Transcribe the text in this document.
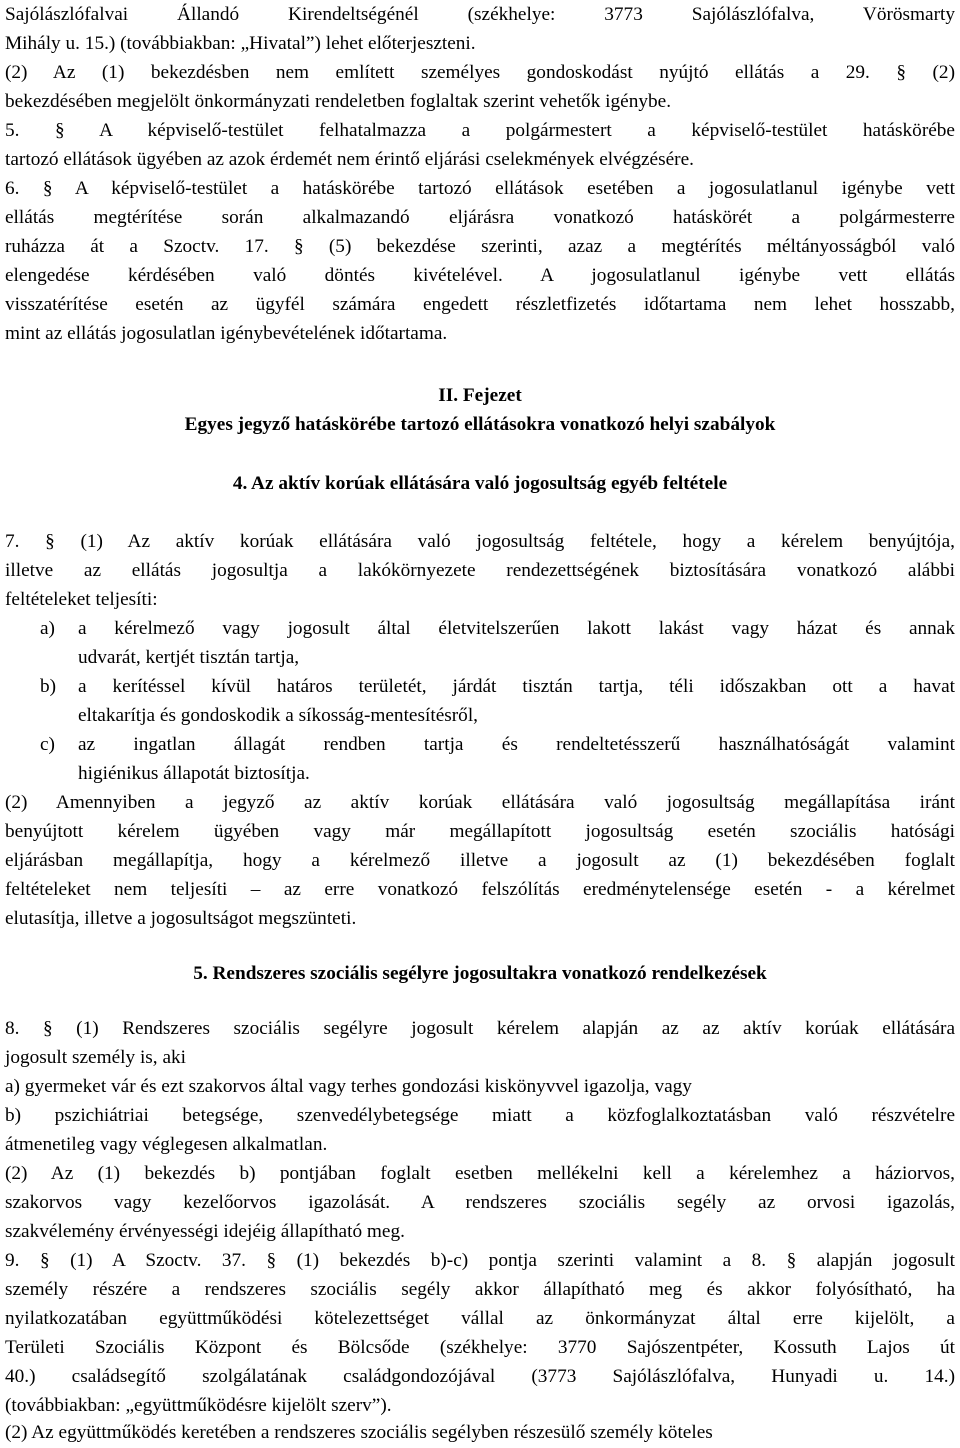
Sajólászlófalvai Állandó Kirendeltségénél (székhelye: 3773 Sajólászlófalva, Vörösmarty
Mihály u. 15.) (továbbiakban: „Hivatal”) lehet előterjeszteni.
(2) Az (1) bekezdésben nem említett személyes gondoskodást nyújtó ellátás a 29. § (2)
bekezdésében megjelölt önkormányzati rendeletben foglaltak szerint vehetők igénybe.
5. § A képviselő-testület felhatalmazza a polgármestert a képviselő-testület hatáskörébe
tartozó ellátások ügyében az azok érdemét nem érintő eljárási cselekmények elvégzésére.
6. § A képviselő-testület a hatáskörébe tartozó ellátások esetében a jogosulatlanul igénybe vett
ellátás megtérítése során alkalmazandó eljárásra vonatkozó hatáskörét a polgármesterre
ruházza át a Szoctv. 17. § (5) bekezdése szerinti, azaz a megtérítés méltányosságból való
elengedése kérdésében való döntés kivételével. A jogosulatlanul igénybe vett ellátás
visszatérítése esetén az ügyfél számára engedett részletfizetés időtartama nem lehet hosszabb,
mint az ellátás jogosulatlan igénybevételének időtartama.
II. Fejezet
Egyes jegyző hatáskörébe tartozó ellátásokra vonatkozó helyi szabályok
4. Az aktív korúak ellátására való jogosultság egyéb feltétele
7. § (1) Az aktív korúak ellátására való jogosultság feltétele, hogy a kérelem benyújtója,
illetve az ellátás jogosultja a lakókörnyezete rendezettségének biztosítására vonatkozó alábbi
feltételeket teljesíti:
a) a kérelmező vagy jogosult által életvitelszerűen lakott lakást vagy házat és annak
udvarát, kertjét tisztán tartja,
b) a kerítéssel kívül határos területét, járdát tisztán tartja, téli időszakban ott a havat
eltakarítja és gondoskodik a síkosság-mentesítésről,
c) az ingatlan állagát rendben tartja és rendeltetésszerű használhatóságát valamint
higiénikus állapotát biztosítja.
(2) Amennyiben a jegyző az aktív korúak ellátására való jogosultság megállapítása iránt
benyújtott kérelem ügyében vagy már megállapított jogosultság esetén szociális hatósági
eljárásban megállapítja, hogy a kérelmező illetve a jogosult az (1) bekezdésében foglalt
feltételeket nem teljesíti – az erre vonatkozó felszólítás eredménytelensége esetén - a kérelmet
elutasítja, illetve a jogosultságot megszünteti.
5. Rendszeres szociális segélyre jogosultakra vonatkozó rendelkezések
8. § (1) Rendszeres szociális segélyre jogosult kérelem alapján az az aktív korúak ellátására
jogosult személy is, aki
a) gyermeket vár és ezt szakorvos által vagy terhes gondozási kiskönyvvel igazolja, vagy
b) pszichiátriai betegsége, szenvedélybetegsége miatt a közfoglalkoztatásban való részvételre
átmenetileg vagy véglegesen alkalmatlan.
(2) Az (1) bekezdés b) pontjában foglalt esetben mellékelni kell a kérelemhez a háziorvos,
szakorvos vagy kezelőorvos igazolását. A rendszeres szociális segély az orvosi igazolás,
szakvélemény érvényességi idejéig állapítható meg.
9. § (1) A Szoctv. 37. § (1) bekezdés b)-c) pontja szerinti valamint a 8. § alapján jogosult
személy részére a rendszeres szociális segély akkor állapítható meg és akkor folyósítható, ha
nyilatkozatában együttműködési kötelezettséget vállal az önkormányzat által erre kijelölt, a
Területi Szociális Központ és Bölcsőde (székhelye: 3770 Sajószentpéter, Kossuth Lajos út
40.) családsegítő szolgálatának családgondozójával (3773 Sajólászlófalva, Hunyadi u. 14.)
(továbbiakban: „együttműködésre kijelölt szerv”).
(2) Az együttműködés keretében a rendszeres szociális segélyben részesülő személy köteles
